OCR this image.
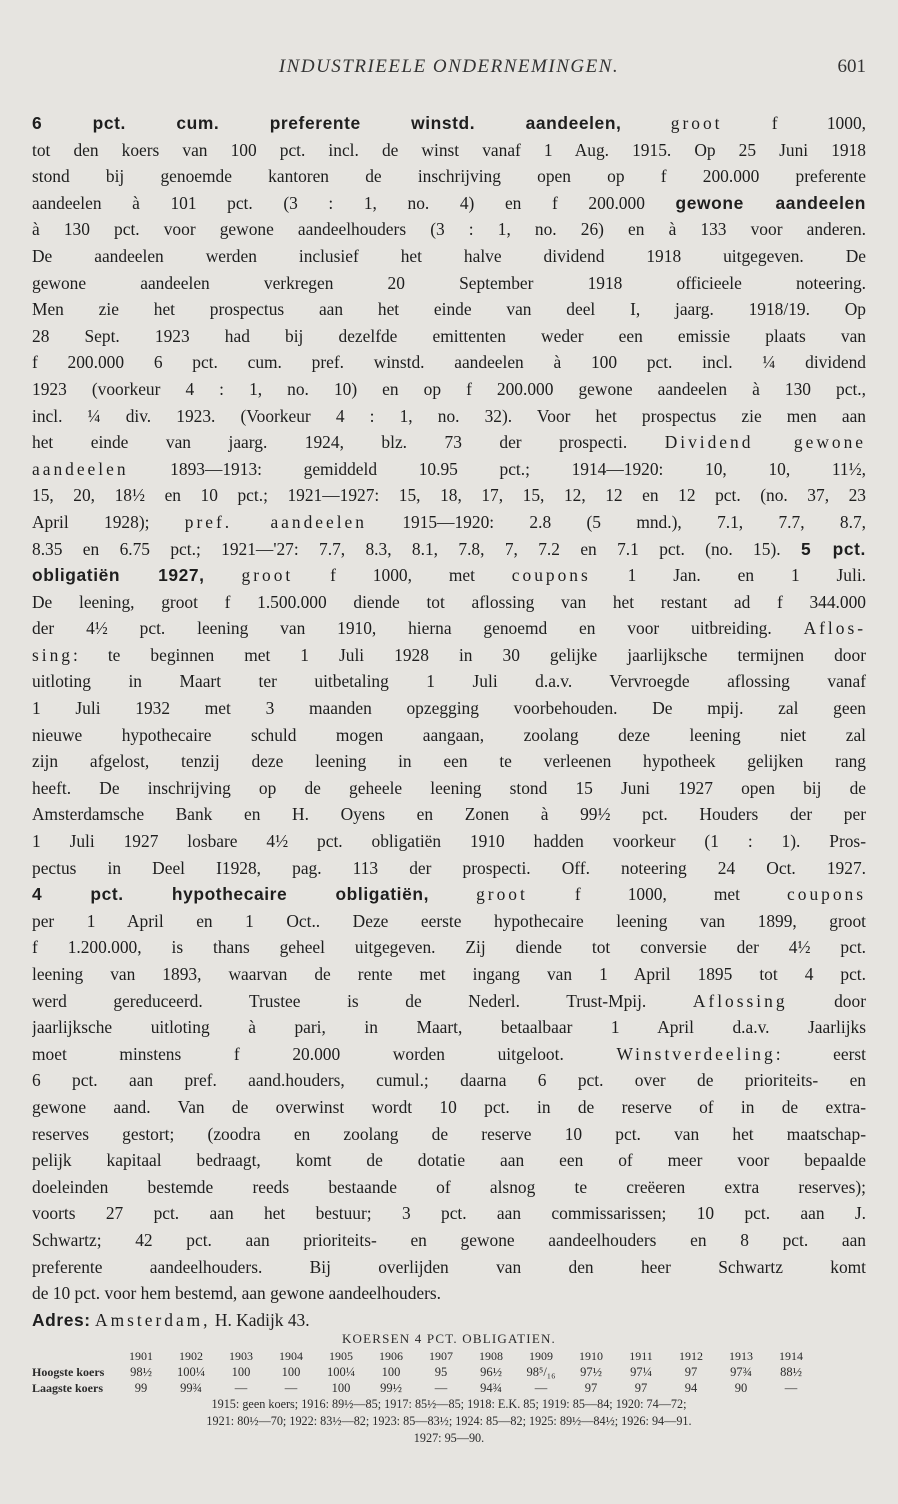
INDUSTRIEELE ONDERNEMINGEN.	601
6 pct. cum. preferente winstd. aandeelen,	groot f 1000,
tot den koers van 100 pct. incl. de winst vanaf 1 Aug. 1915. Op 25 Juni 1918
stond bij genoemde kantoren de inschrijving open op f 200.000 preferente
aandeelen à 101 pct. (3 : 1, no. 4) en f 200.000 gewone aandeelen
à 130 pct. voor gewone aandeelhouders (3 : 1, no. 26) en à 133 voor anderen.
De aandeelen werden inclusief het halve dividend 1918 uitgegeven. De
gewone aandeelen verkregen 20 September 1918 officieele noteering.
Men zie het prospectus aan het einde van deel I, jaarg. 1918/19. Op
28 Sept. 1923 had bij dezelfde emittenten weder een emissie plaats van
f 200.000 6 pct. cum. pref. winstd. aandeelen à 100 pct. incl. ¼ dividend
1923 (voorkeur 4 : 1, no. 10) en op f 200.000 gewone aandeelen à 130 pct.,
incl. ¼ div. 1923. (Voorkeur 4 : 1, no. 32). Voor het prospectus zie men aan
het einde van jaarg. 1924, blz. 73 der prospecti. Dividend gewone
aandeelen 1893—1913: gemiddeld 10.95 pct.; 1914—1920: 10, 10, 11½,
15, 20, 18½ en 10 pct.; 1921—1927: 15, 18, 17, 15, 12, 12 en 12 pct. (no. 37, 23
April 1928); pref. aandeelen 1915—1920: 2.8 (5 mnd.), 7.1, 7.7, 8.7,
8.35 en 6.75 pct.; 1921—'27: 7.7, 8.3, 8.1, 7.8, 7, 7.2 en 7.1 pct. (no. 15). 5 pct.
obligatiën 1927, groot f 1000, met coupons 1 Jan. en 1 Juli.
De leening, groot f 1.500.000 diende tot aflossing van het restant ad f 344.000
der 4½ pct. leening van 1910, hierna genoemd en voor uitbreiding. Aflos-
sing: te beginnen met 1 Juli 1928 in 30 gelijke jaarlijksche termijnen door
uitloting in Maart ter uitbetaling 1 Juli d.a.v. Vervroegde aflossing vanaf
1 Juli 1932 met 3 maanden opzegging voorbehouden. De mpij. zal geen
nieuwe hypothecaire schuld mogen aangaan, zoolang deze leening niet zal
zijn afgelost, tenzij deze leening in een te verleenen hypotheek gelijken rang
heeft. De inschrijving op de geheele leening stond 15 Juni 1927 open bij de
Amsterdamsche Bank en H. Oyens en Zonen à 99½ pct. Houders der per
1 Juli 1927 losbare 4½ pct. obligatiën 1910 hadden voorkeur (1 : 1). Pros-
pectus in Deel I1928, pag. 113 der prospecti. Off. noteering 24 Oct. 1927.
4 pct. hypothecaire obligatiën,	groot f 1000, met coupons
per 1 April en 1 Oct.. Deze eerste hypothecaire leening van 1899, groot
f 1.200.000, is thans geheel uitgegeven. Zij diende tot conversie der 4½ pct.
leening van 1893, waarvan de rente met ingang van 1 April 1895 tot 4 pct.
werd gereduceerd. Trustee is de Nederl. Trust-Mpij. Aflossing door
jaarlijksche uitloting à pari, in Maart, betaalbaar 1 April d.a.v. Jaarlijks
moet minstens f 20.000 worden uitgeloot. Winstverdeeling: eerst
6 pct. aan pref. aand.houders, cumul.; daarna 6 pct. over de prioriteits- en
gewone aand. Van de overwinst wordt 10 pct. in de reserve of in de extra-
reserves gestort; (zoodra en zoolang de reserve 10 pct. van het maatschap-
pelijk kapitaal bedraagt, komt de dotatie aan een of meer voor bepaalde
doeleinden bestemde reeds bestaande of alsnog te creëeren extra reserves);
voorts 27 pct. aan het bestuur; 3 pct. aan commissarissen; 10 pct. aan J.
Schwartz; 42 pct. aan prioriteits- en gewone aandeelhouders en 8 pct. aan
preferente aandeelhouders. Bij overlijden van den heer Schwartz komt
de 10 pct. voor hem bestemd, aan gewone aandeelhouders.
Adres: Amsterdam, H. Kadijk 43.
KOERSEN 4 PCT. OBLIGATIEN.
1901	1902	1903	1904	1905	1906	1907	1908	1909	1910	1911	1912	1913	1914
Hoogste koers	98½	100¼	100	100	100¼	100	95	96½	98⁵/₁₆	97½	97¼	97	97¾	88½
Laagste koers	99	99¾	—	—	100	99½	—	94¾	—	97	97	94	90	—
1915: geen koers; 1916: 89½—85; 1917: 85½—85; 1918: E.K. 85; 1919: 85—84; 1920: 74—72;
1921: 80½—70; 1922: 83½—82; 1923: 85—83½; 1924: 85—82; 1925: 89½—84½; 1926: 94—91.
1927: 95—90.
